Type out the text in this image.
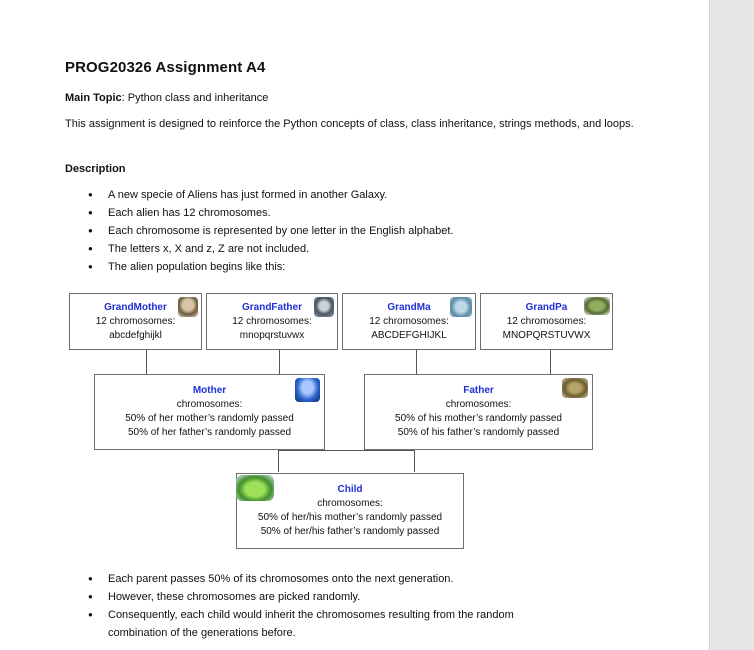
PROG20326 Assignment A4
Main Topic: Python class and inheritance
This assignment is designed to reinforce the Python concepts of class, class inheritance, strings methods, and loops.
Description
● A new specie of Aliens has just formed in another Galaxy.
● Each alien has 12 chromosomes.
● Each chromosome is represented by one letter in the English alphabet.
● The letters x, X and z, Z are not included.
● The alien population begins like this:
GrandMother
12 chromosomes:
abcdefghijkl
GrandFather
12 chromosomes:
mnopqrstuvwx
GrandMa
12 chromosomes:
ABCDEFGHIJKL
GrandPa
12 chromosomes:
MNOPQRSTUVWX
Mother
chromosomes:
50% of her mother’s randomly passed
50% of her father’s randomly passed
Father
chromosomes:
50% of his mother’s randomly passed
50% of his father’s randomly passed
Child
chromosomes:
50% of her/his mother’s randomly passed
50% of her/his father’s randomly passed
● Each parent passes 50% of its chromosomes onto the next generation.
● However, these chromosomes are picked randomly.
● Consequently, each child would inherit the chromosomes resulting from the random combination of the generations before.
